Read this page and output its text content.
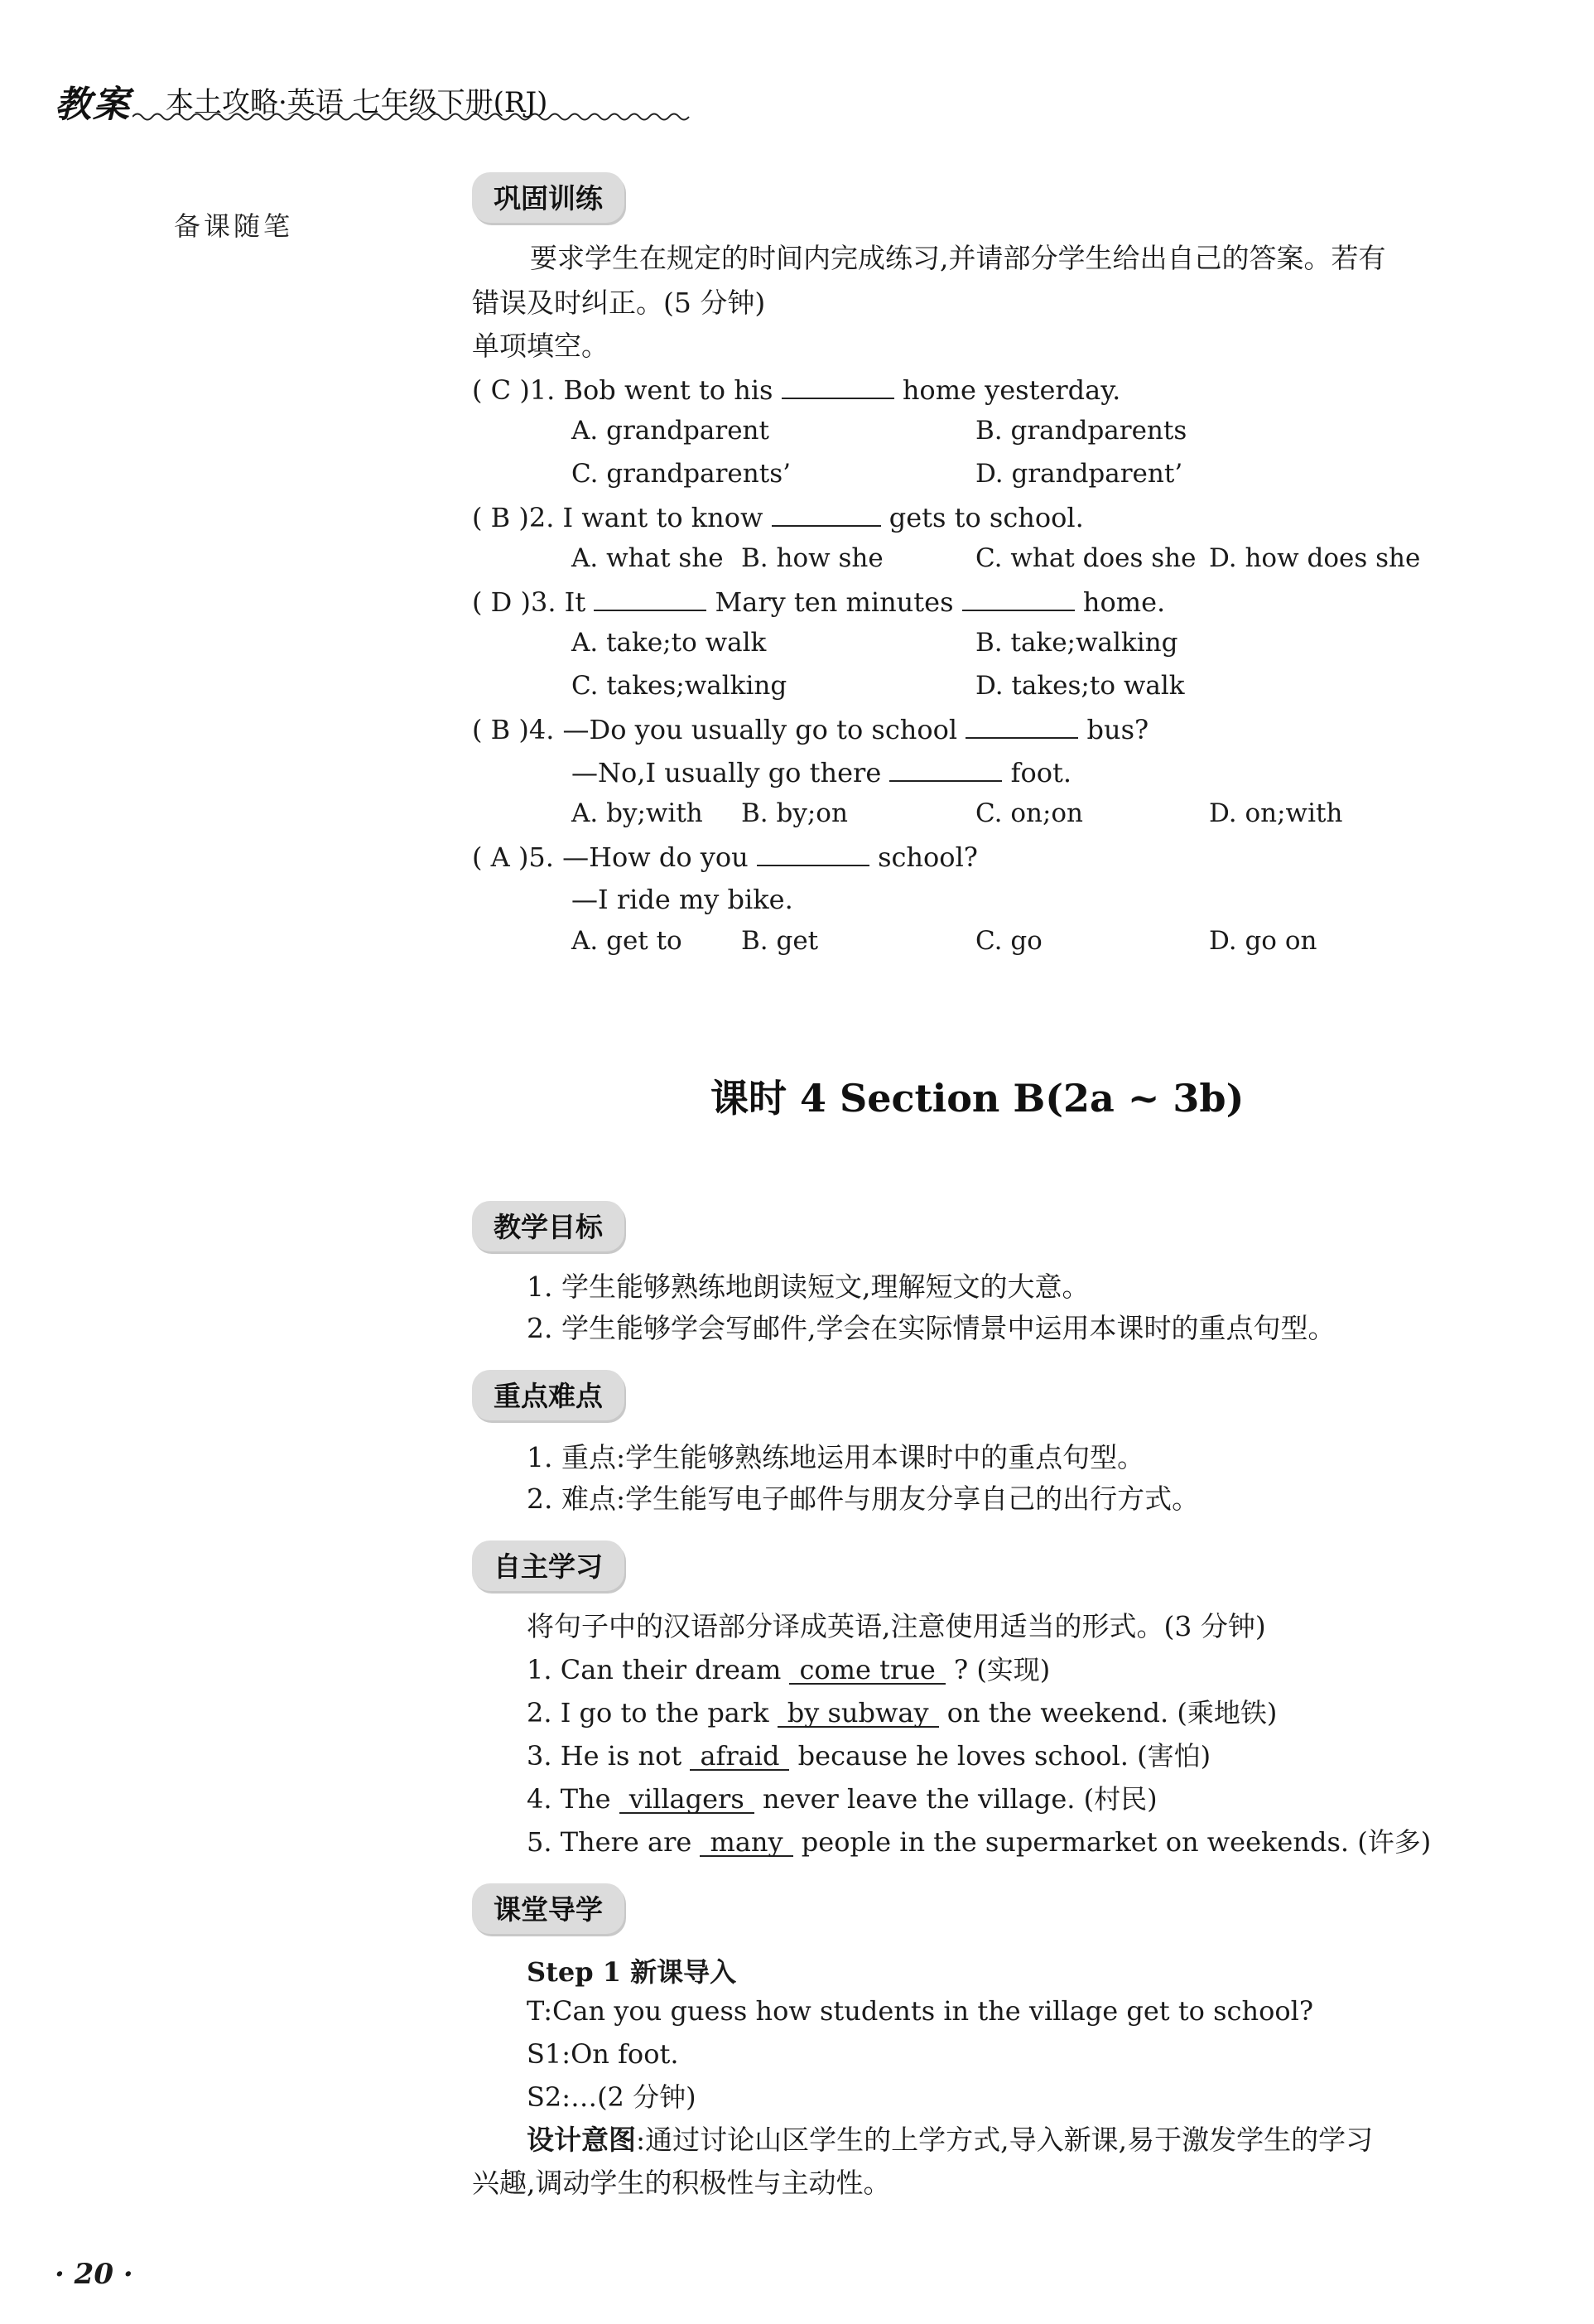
教案 本土攻略·英语 七年级下册(RJ)
备课随笔
巩固训练
要求学生在规定的时间内完成练习,并请部分学生给出自己的答案。若有
错误及时纠正。(5 分钟)
单项填空。
( C )1. Bob went to his	home yesterday.
A. grandparent	B. grandparents
C. grandparents’	D. grandparent’
( B )2. I want to know	gets to school.
A. what she B. how she	C. what does she D. how does she
( D )3. It	Mary ten minutes	home.
A. take;to walk	B. take;walking
C. takes;walking	D. takes;to walk
( B )4. —Do you usually go to school	bus?
—No,I usually go there	foot.
A. by;with B. by;on	C. on;on	D. on;with
( A )5. —How do you	school?
—I ride my bike.
A. get to B. get	C. go	D. go on
课时 4 Section B(2a ~ 3b)
教学目标
1. 学生能够熟练地朗读短文,理解短文的大意。
2. 学生能够学会写邮件,学会在实际情景中运用本课时的重点句型。
重点难点
1. 重点:学生能够熟练地运用本课时中的重点句型。
2. 难点:学生能写电子邮件与朋友分享自己的出行方式。
自主学习
将句子中的汉语部分译成英语,注意使用适当的形式。(3 分钟)
1. Can their dream come true ? (实现)
2. I go to the park by subway on the weekend. (乘地铁)
3. He is not afraid because he loves school. (害怕)
4. The villagers never leave the village. (村民)
5. There are many people in the supermarket on weekends. (许多)
课堂导学
Step 1 新课导入
T:Can you guess how students in the village get to school?
S1:On foot.
S2:…(2 分钟)
设计意图:通过讨论山区学生的上学方式,导入新课,易于激发学生的学习
兴趣,调动学生的积极性与主动性。
· 20 ·
